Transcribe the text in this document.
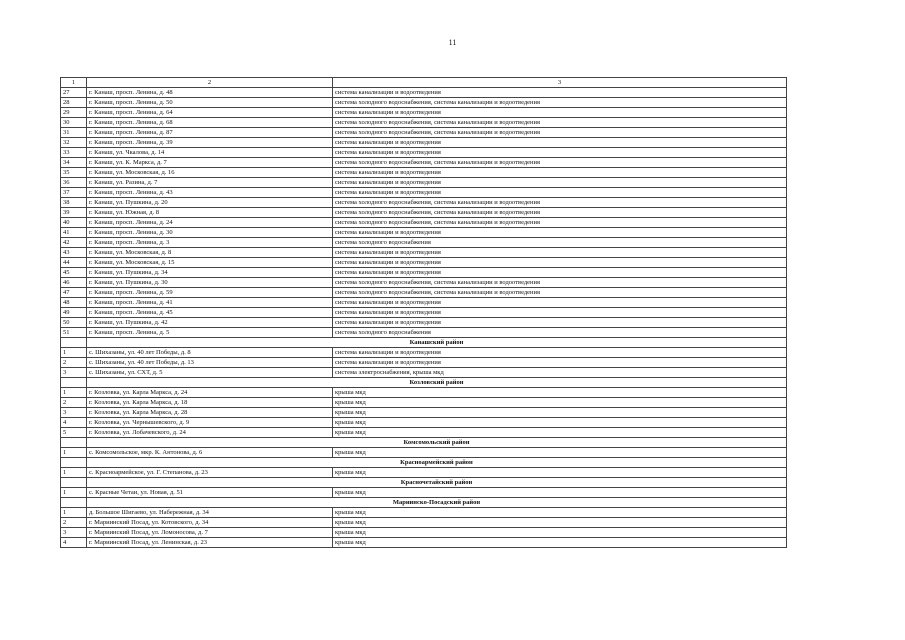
11
1	2	3
27	г. Канаш, просп. Ленина, д. 48	система канализации и водоотведения
28	г. Канаш, просп. Ленина, д. 50	система холодного водоснабжения, система канализации и водоотведения
29	г. Канаш, просп. Ленина, д. 64	система канализации и водоотведения
30	г. Канаш, просп. Ленина, д. 68	система холодного водоснабжения, система канализации и водоотведения
31	г. Канаш, просп. Ленина, д. 87	система холодного водоснабжения, система канализации и водоотведения
32	г. Канаш, просп. Ленина, д. 39	система канализации и водоотведения
33	г. Канаш, ул. Чкалова, д. 14	система канализации и водоотведения
34	г. Канаш, ул. К. Маркса, д. 7	система холодного водоснабжения, система канализации и водоотведения
35	г. Канаш, ул. Московская, д. 16	система канализации и водоотведения
36	г. Канаш, ул. Разина, д. 7	система канализации и водоотведения
37	г. Канаш, просп. Ленина, д. 43	система канализации и водоотведения
38	г. Канаш, ул. Пушкина, д. 20	система холодного водоснабжения, система канализации и водоотведения
39	г. Канаш, ул. Южная, д. 8	система холодного водоснабжения, система канализации и водоотведения
40	г. Канаш, просп. Ленина, д. 24	система холодного водоснабжения, система канализации и водоотведения
41	г. Канаш, просп. Ленина, д. 30	система канализации и водоотведения
42	г. Канаш, просп. Ленина, д. 3	система холодного водоснабжения
43	г. Канаш, ул. Московская, д. 8	система канализации и водоотведения
44	г. Канаш, ул. Московская, д. 15	система канализации и водоотведения
45	г. Канаш, ул. Пушкина, д. 34	система канализации и водоотведения
46	г. Канаш, ул. Пушкина, д. 30	система холодного водоснабжения, система канализации и водоотведения
47	г. Канаш, просп. Ленина, д. 59	система холодного водоснабжения, система канализации и водоотведения
48	г. Канаш, просп. Ленина, д. 41	система канализации и водоотведения
49	г. Канаш, просп. Ленина, д. 45	система канализации и водоотведения
50	г. Канаш, ул. Пушкина, д. 42	система канализации и водоотведения
51	г. Канаш, просп. Ленина, д. 5	система холодного водоснабжения
	Канашский район	
1	с. Шихазаны, ул. 40 лет Победы, д. 8	система канализации и водоотведения
2	с. Шихазаны, ул. 40 лет Победы, д. 13	система канализации и водоотведения
3	с. Шихазаны, ул. СХТ, д. 5	система электроснабжения, крыша мкд
	Козловский район	
1	г. Козловка, ул. Карла Маркса, д. 24	крыша мкд
2	г. Козловка, ул. Карла Маркса, д. 18	крыша мкд
3	г. Козловка, ул. Карла Маркса, д. 28	крыша мкд
4	г. Козловка, ул. Чернышевского, д. 9	крыша мкд
5	г. Козловка, ул. Лобачевского, д. 24	крыша мкд
	Комсомольский район	
1	с. Комсомольское, мкр. К. Антонова, д. 6	крыша мкд
	Красноармейский район	
1	с. Красноармейское, ул. Г. Степанова, д. 23	крыша мкд
	Красночетайский район	
1	с. Красные Четаи, ул. Новая, д. 51	крыша мкд
	Мариинско-Посадский район	
1	д. Большое Шигаево, ул. Набережная, д. 34	крыша мкд
2	г. Мариинский Посад, ул. Котовского, д. 34	крыша мкд
3	г. Мариинский Посад, ул. Ломоносова, д. 7	крыша мкд
4	г. Мариинский Посад, ул. Ленинская, д. 23	крыша мкд
